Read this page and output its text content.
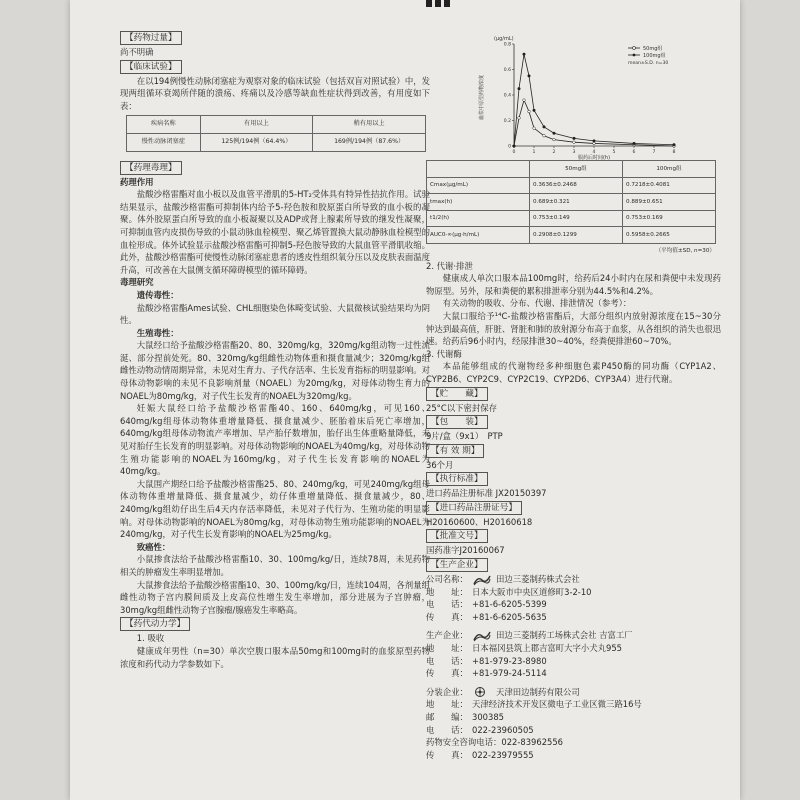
【药物过量】
尚不明确
【临床试验】
在以194例慢性动脉闭塞症为观察对象的临床试验（包括双盲对照试验）中，发现两组循环衰竭所伴随的溃疡、疼痛以及冷感等缺血性症状得到改善，有用度如下表：
疾病名称	有用以上	稍有用以上
慢性动脉闭塞症	125例/194例（64.4%）	169例/194例（87.6%）
【药理毒理】
药理作用
盐酸沙格雷酯对血小板以及血管平滑肌的5-HT₂受体具有特异性拮抗作用。试验结果显示，盐酸沙格雷酯可抑制体内给予5-羟色胺和胶原蛋白所导致的血小板的凝聚。体外胶原蛋白所导致的血小板凝聚以及ADP或肾上腺素所导致的继发性凝聚，可抑制血管内皮损伤导致的小鼠动脉血栓模型、聚乙烯管置换大鼠动静脉血栓模型的血栓形成。体外试验显示盐酸沙格雷酯可抑制5-羟色胺导致的大鼠血管平滑肌收缩。此外，盐酸沙格雷酯可使慢性动脉闭塞症患者的透皮性组织氧分压以及皮肤表面温度升高，可改善在大鼠侧支循环障碍模型的循环障碍。
毒理研究
遗传毒性：
盐酸沙格雷酯Ames试验、CHL细胞染色体畸变试验、大鼠微核试验结果均为阴性。
生殖毒性：
大鼠经口给予盐酸沙格雷酯20、80、320mg/kg，320mg/kg组动物一过性流涎、部分捏前处死。80、320mg/kg组雌性动物体重和摄食量减少；320mg/kg组雌性动物动情周期异常，未见对生育力、子代存活率、生长发育指标的明显影响。对母体动物影响的未见不良影响剂量（NOAEL）为20mg/kg，对母体动物生育力的NOAEL为80mg/kg，对子代生长发育的NOAEL为320mg/kg。
妊娠大鼠经口给予盐酸沙格雷酯40、160、640mg/kg，可见160、640mg/kg组母体动物体重增量降低、摄食量减少、胚胎着床后死亡率增加，640mg/kg组母体动物流产率增加、早产胎仔数增加，胎仔出生体重略量降低，未见对胎仔生长发育的明显影响。对母体动物影响的NOAEL为40mg/kg，对母体动物生殖功能影响的NOAEL为160mg/kg，对子代生长发育影响的NOAEL为40mg/kg。
大鼠围产期经口给予盐酸沙格雷酯25、80、240mg/kg，可见240mg/kg组母体动物体重增量降低、摄食量减少，幼仔体重增量降低、摄食量减少，80、240mg/kg组幼仔出生后4天内存活率降低，未见对子代行为、生殖功能的明显影响。对母体动物影响的NOAEL为80mg/kg，对母体动物生殖功能影响的NOAEL为240mg/kg，对子代生长发育影响的NOAEL为25mg/kg。
致癌性：
小鼠掺食法给予盐酸沙格雷酯10、30、100mg/kg/日，连续78周，未见药物相关的肿瘤发生率明显增加。
大鼠掺食法给予盐酸沙格雷酯10、30、100mg/kg/日，连续104周，各剂量组雌性动物子宫内膜间质及上皮高位性增生发生率增加，部分进展为子宫肿瘤，30mg/kg组雌性动物子宫腺瘤/腺癌发生率略高。
【药代动力学】
1. 吸收
健康成年男性（n=30）单次空腹口服本品50mg和100mg时的血浆原型药物浓度和药代动力学参数如下。
(μg/mL)
血浆中原型药物浓度
0.8
0.6
0.4
0.2
0
0	1	2	3	4	5	6	7	8
服药后时间(h)
50mg组
100mg组
mean±S.D. n=30
	50mg组	100mg组
Cmax(μg/mL)	0.3636±0.2468	0.7218±0.4081
tmax(h)	0.689±0.321	0.889±0.651
t1/2(h)	0.753±0.149	0.753±0.169
AUC0-∞(μg·h/mL)	0.2908±0.1299	0.5958±0.2665
（平均值±SD, n=30）
2. 代谢·排泄
健康成人单次口服本品100mg时，给药后24小时内在尿和粪便中未发现药物原型。另外，尿和粪便的累积排泄率分别为44.5%和4.2%。
有关动物的吸收、分布、代谢、排泄情况（参考）：
大鼠口服给予¹⁴C-盐酸沙格雷酯后，大部分组织内放射源浓度在15~30分钟达到最高值，肝脏、肾脏和肺的放射源分布高于血浆，从各组织的消失也很迅速。给药后96小时内，经尿排泄30~40%，经粪便排泄60~70%。
3. 代谢酶
本品能够组成的代谢物经多种细胞色素P450酶的同功酶（CYP1A2、CYP2B6、CYP2C9、CYP2C19、CYP2D6、CYP3A4）进行代谢。
【贮　　藏】
25°C以下密封保存
【包　　装】
9片/盒（9x1）　PTP
【有 效 期】
36个月
【执行标准】
进口药品注册标准 JX20150397
【进口药品注册证号】
H20160600、H20160618
【批准文号】
国药准字J20160067
【生产企业】
公司名称：	田边三菱制药株式会社
地　　址： 日本大阪市中央区道修町3-2-10
电　　话： +81-6-6205-5399
传　　真： +81-6-6205-5635
生产企业：	田边三菱制药工场株式会社 吉富工厂
地　　址： 日本福冈县筑上郡吉富町大字小犬丸955
电　　话： +81-979-23-8980
传　　真： +81-979-24-5114
分装企业：	天津田边制药有限公司
地　　址： 天津经济技术开发区微电子工业区微三路16号
邮　　编： 300385
电　　话： 022-23960505
药物安全咨询电话： 022-83962556
传　　真： 022-23979555
